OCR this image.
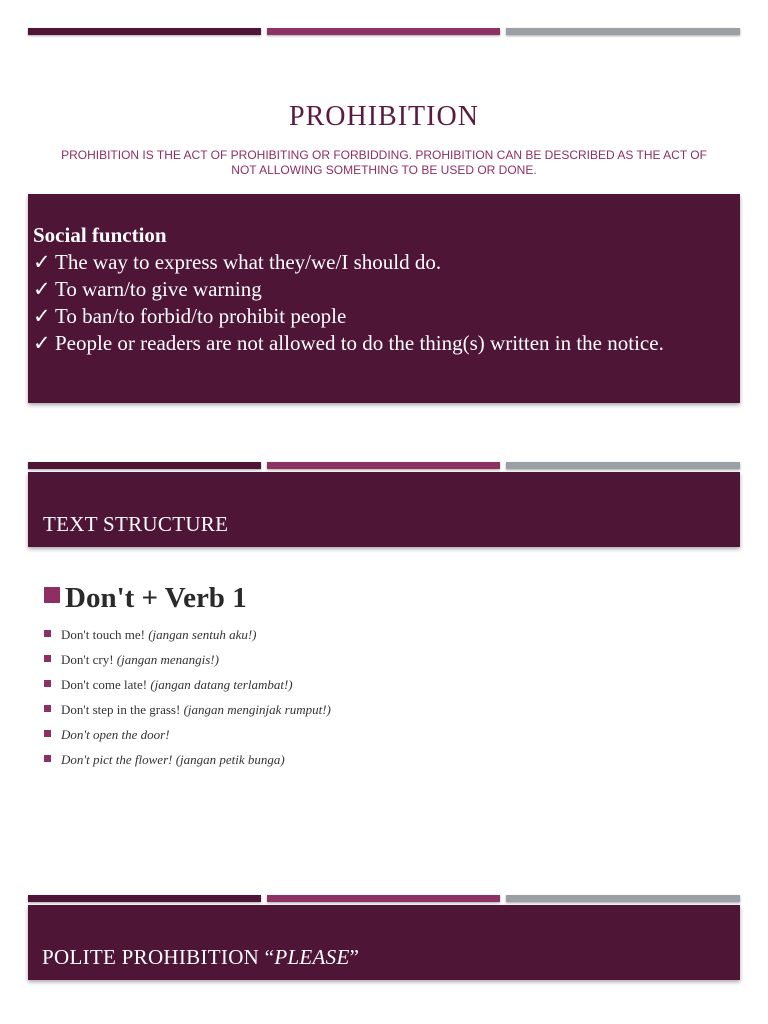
PROHIBITION
PROHIBITION IS THE ACT OF PROHIBITING OR FORBIDDING. PROHIBITION CAN BE DESCRIBED AS THE ACT OF NOT ALLOWING SOMETHING TO BE USED OR DONE.
Social function
✓ The way to express what they/we/I should do.
✓ To warn/to give warning
✓ To ban/to forbid/to prohibit people
✓ People or readers are not allowed to do the thing(s) written in the notice.
TEXT STRUCTURE
Don't + Verb 1
Don't touch me! (jangan sentuh aku!)
Don't cry! (jangan menangis!)
Don't come late! (jangan datang terlambat!)
Don't step in the grass! (jangan menginjak rumput!)
Don't open the door!
Don't pict the flower! (jangan petik bunga)
POLITE PROHIBITION “PLEASE”
